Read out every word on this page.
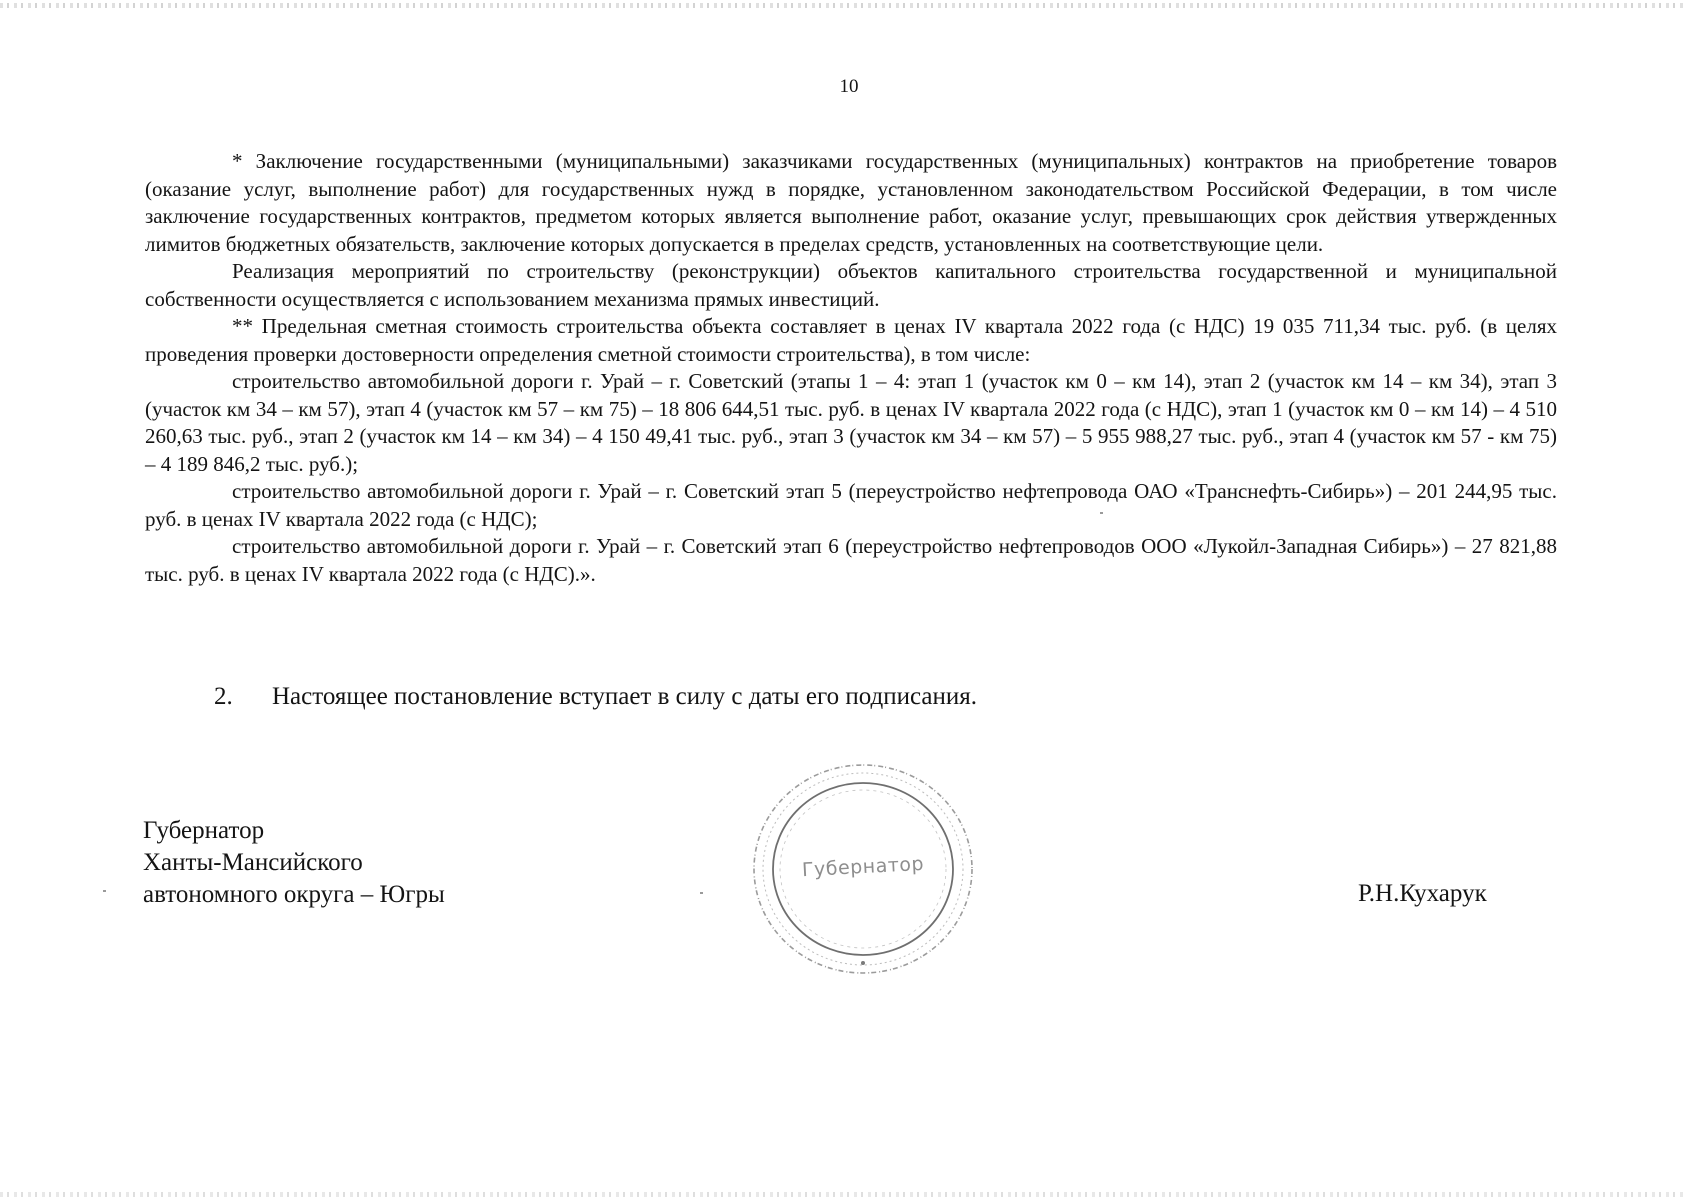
10

* Заключение государственными (муниципальными) заказчиками государственных (муниципальных) контрактов на приобретение товаров (оказание услуг, выполнение работ) для государственных нужд в порядке, установленном законодательством Российской Федерации, в том числе заключение государственных контрактов, предметом которых является выполнение работ, оказание услуг, превышающих срок действия утвержденных лимитов бюджетных обязательств, заключение которых допускается в пределах средств, установленных на соответствующие цели.

Реализация мероприятий по строительству (реконструкции) объектов капитального строительства государственной и муниципальной собственности осуществляется с использованием механизма прямых инвестиций.

** Предельная сметная стоимость строительства объекта составляет в ценах IV квартала 2022 года (с НДС) 19 035 711,34 тыс. руб. (в целях проведения проверки достоверности определения сметной стоимости строительства), в том числе:

строительство автомобильной дороги г. Урай – г. Советский (этапы 1 – 4: этап 1 (участок км 0 – км 14), этап 2 (участок км 14 – км 34), этап 3 (участок км 34 – км 57), этап 4 (участок км 57 – км 75) – 18 806 644,51 тыс. руб. в ценах IV квартала 2022 года (с НДС), этап 1 (участок км 0 – км 14) – 4 510 260,63 тыс. руб., этап 2 (участок км 14 – км 34) – 4 150 49,41 тыс. руб., этап 3 (участок км 34 – км 57) – 5 955 988,27 тыс. руб., этап 4 (участок км 57 - км 75) – 4 189 846,2 тыс. руб.);

строительство автомобильной дороги г. Урай – г. Советский этап 5 (переустройство нефтепровода ОАО «Транснефть-Сибирь») – 201 244,95 тыс. руб. в ценах IV квартала 2022 года (с НДС);

строительство автомобильной дороги г. Урай – г. Советский этап 6 (переустройство нефтепроводов ООО «Лукойл-Западная Сибирь») – 27 821,88 тыс. руб. в ценах IV квартала 2022 года (с НДС).».

2. Настоящее постановление вступает в силу с даты его подписания.
Губернатор
Ханты-Мансийского
автономного округа – Югры
Губернатор
Р.Н.Кухарук
